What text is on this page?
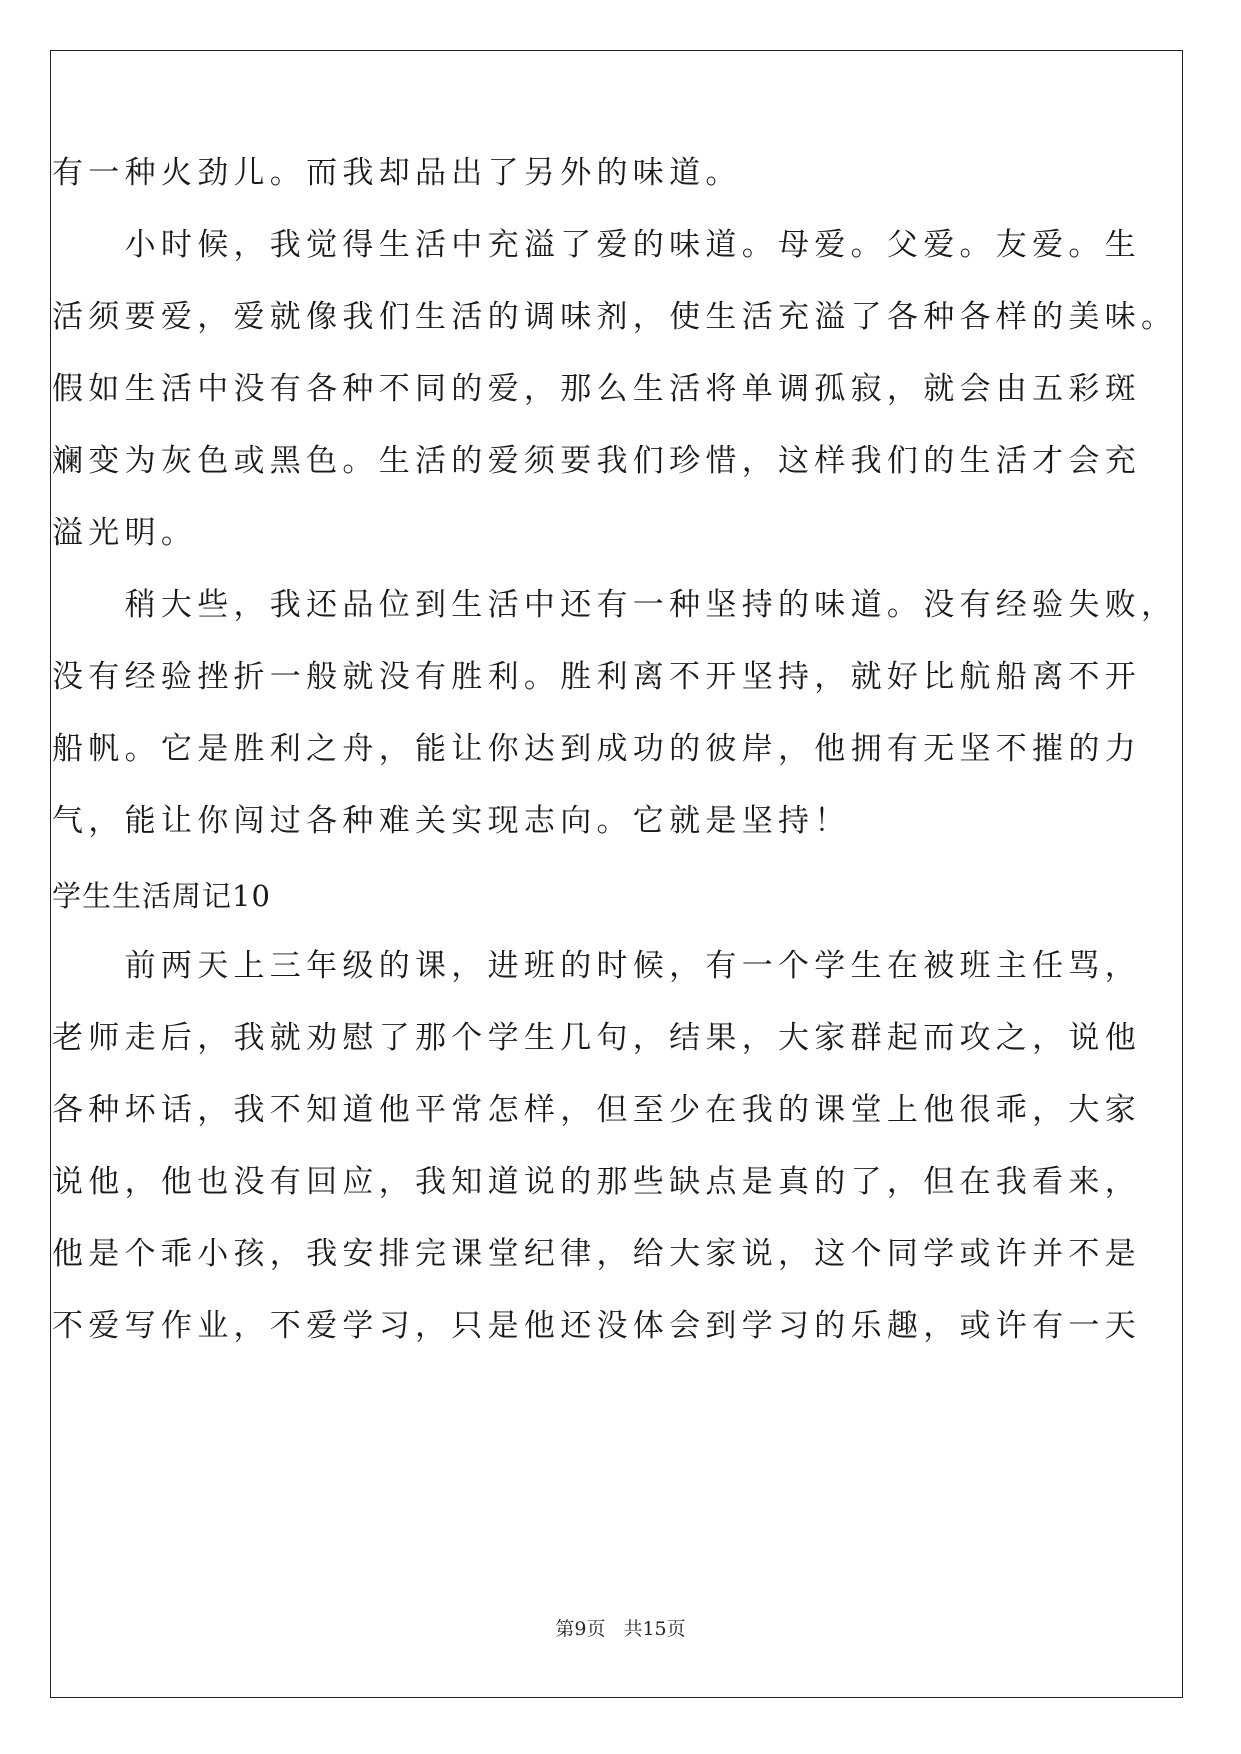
有一种火劲儿。而我却品出了另外的味道。
　　小时候，我觉得生活中充溢了爱的味道。母爱。父爱。友爱。生
活须要爱，爱就像我们生活的调味剂，使生活充溢了各种各样的美味。
假如生活中没有各种不同的爱，那么生活将单调孤寂，就会由五彩斑
斓变为灰色或黑色。生活的爱须要我们珍惜，这样我们的生活才会充
溢光明。
　　稍大些，我还品位到生活中还有一种坚持的味道。没有经验失败，
没有经验挫折一般就没有胜利。胜利离不开坚持，就好比航船离不开
船帆。它是胜利之舟，能让你达到成功的彼岸，他拥有无坚不摧的力
气，能让你闯过各种难关实现志向。它就是坚持！
学生生活周记10
　　前两天上三年级的课，进班的时候，有一个学生在被班主任骂，
老师走后，我就劝慰了那个学生几句，结果，大家群起而攻之，说他
各种坏话，我不知道他平常怎样，但至少在我的课堂上他很乖，大家
说他，他也没有回应，我知道说的那些缺点是真的了，但在我看来，
他是个乖小孩，我安排完课堂纪律，给大家说，这个同学或许并不是
不爱写作业，不爱学习，只是他还没体会到学习的乐趣，或许有一天
第9页 共15页
